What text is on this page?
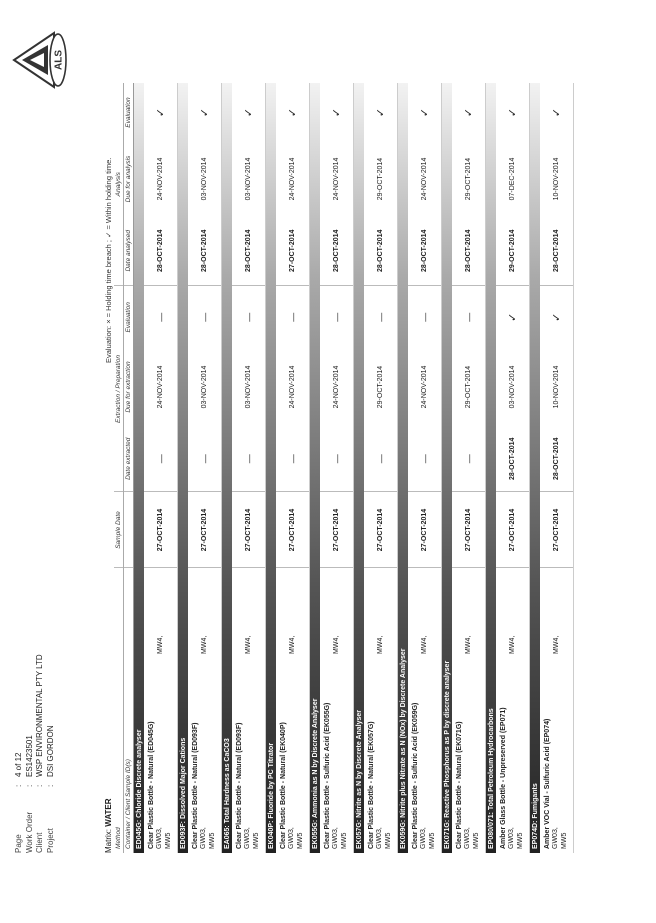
Page
:
4 of 12
Work Order
:
ES1423501
Client
:
WSP ENVIRONMENTAL PTY LTD
Project
:
DSI GORDON
ALS
Matrix: WATER
Evaluation: × = Holding time breach ; ✓ = Within holding time.
Method		Sample Date	Extraction / Preparation			Analysis		
Container / Client Sample ID(s)			Date extracted	Due for extraction	Evaluation	Date analysed	Due for analysis	Evaluation
ED045G: Chloride Discrete analyser								

Clear Plastic Bottle - Natural (ED045G) GW03, MW5	MW4,	27-OCT-2014	—	24-NOV-2014	—	28-OCT-2014	24-NOV-2014	✓
ED093F: Dissolved Major Cations								

Clear Plastic Bottle - Natural (ED093F) GW03, MW5	MW4,	27-OCT-2014	—	03-NOV-2014	—	28-OCT-2014	03-NOV-2014	✓
EA065: Total Hardness as CaCO3								

Clear Plastic Bottle - Natural (ED093F) GW03, MW5	MW4,	27-OCT-2014	—	03-NOV-2014	—	28-OCT-2014	03-NOV-2014	✓
EK040P: Fluoride by PC Titrator								

Clear Plastic Bottle - Natural (EK040P) GW03, MW5	MW4,	27-OCT-2014	—	24-NOV-2014	—	27-OCT-2014	24-NOV-2014	✓
EK055G: Ammonia as N by Discrete Analyser								

Clear Plastic Bottle - Sulfuric Acid (EK055G) GW03, MW5	MW4,	27-OCT-2014	—	24-NOV-2014	—	28-OCT-2014	24-NOV-2014	✓
EK057G: Nitrite as N by Discrete Analyser								

Clear Plastic Bottle - Natural (EK057G) GW03, MW5	MW4,	27-OCT-2014	—	29-OCT-2014	—	28-OCT-2014	29-OCT-2014	✓
EK059G: Nitrite plus Nitrate as N (NOx) by Discrete Analyser								

Clear Plastic Bottle - Sulfuric Acid (EK059G) GW03, MW5	MW4,	27-OCT-2014	—	24-NOV-2014	—	28-OCT-2014	24-NOV-2014	✓
EK071G: Reactive Phosphorus as P by discrete analyser								

Clear Plastic Bottle - Natural (EK071G) GW03, MW5	MW4,	27-OCT-2014	—	29-OCT-2014	—	28-OCT-2014	29-OCT-2014	✓
EP080/071: Total Petroleum Hydrocarbons								

Amber Glass Bottle - Unpreserved (EP071) GW03, MW5	MW4,	27-OCT-2014	28-OCT-2014	03-NOV-2014	✓	29-OCT-2014	07-DEC-2014	✓
EP074D: Fumigants								

Amber VOC Vial - Sulfuric Acid (EP074) GW03, MW5	MW4,	27-OCT-2014	28-OCT-2014	10-NOV-2014	✓	28-OCT-2014	10-NOV-2014	✓
